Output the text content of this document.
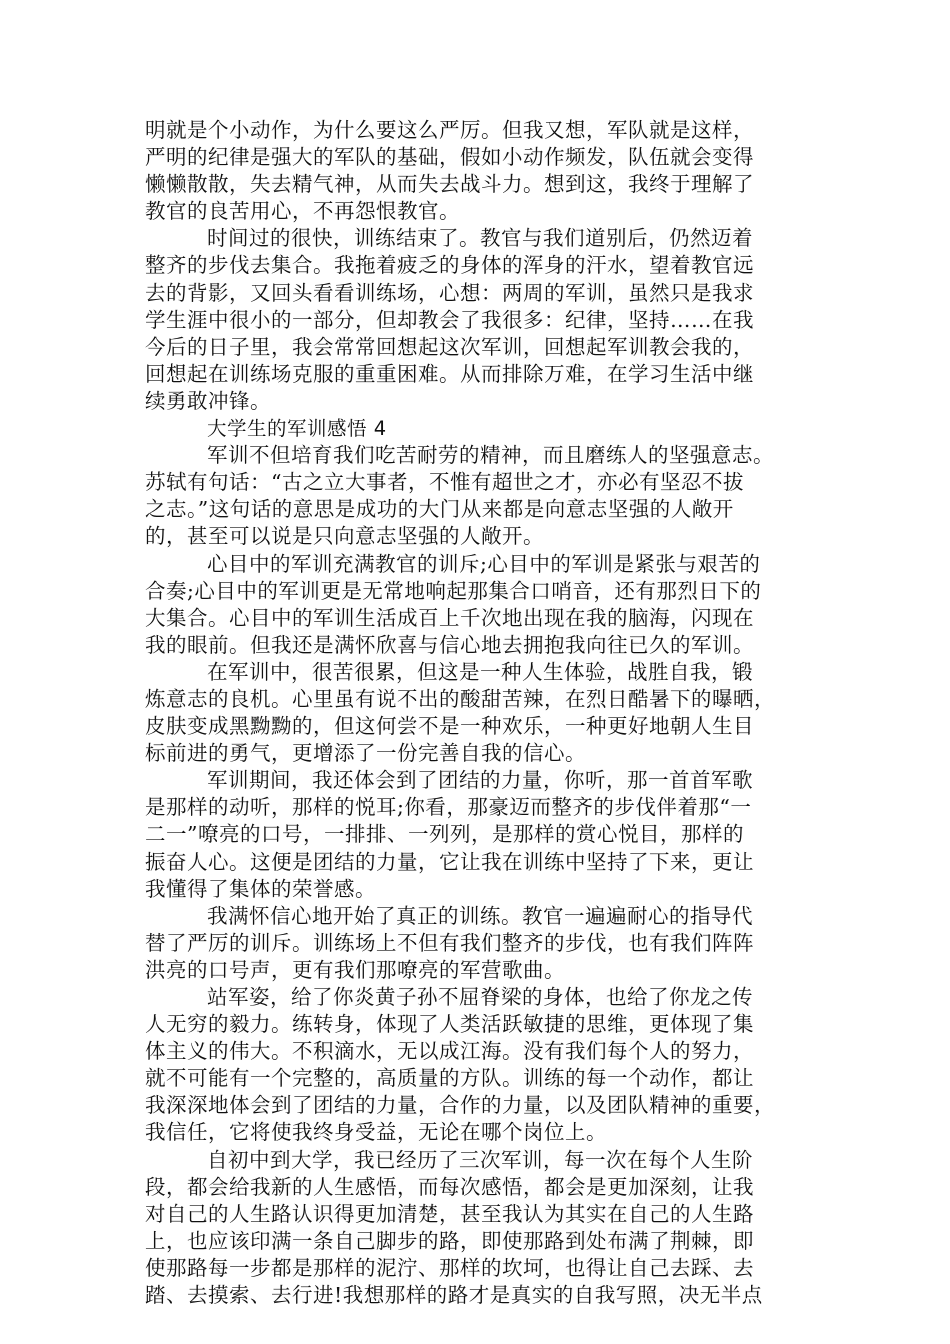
明就是个小动作，为什么要这么严厉。但我又想，军队就是这样，
严明的纪律是强大的军队的基础，假如小动作频发，队伍就会变得
懒懒散散，失去精气神，从而失去战斗力。想到这，我终于理解了
教官的良苦用心，不再怨恨教官。
时间过的很快，训练结束了。教官与我们道别后，仍然迈着
整齐的步伐去集合。我拖着疲乏的身体的浑身的汗水，望着教官远
去的背影，又回头看看训练场，心想：两周的军训，虽然只是我求
学生涯中很小的一部分，但却教会了我很多：纪律，坚持……在我
今后的日子里，我会常常回想起这次军训，回想起军训教会我的，
回想起在训练场克服的重重困难。从而排除万难，在学习生活中继
续勇敢冲锋。
大学生的军训感悟 4
军训不但培育我们吃苦耐劳的精神，而且磨练人的坚强意志。
苏轼有句话：“古之立大事者，不惟有超世之才，亦必有坚忍不拔
之志。”这句话的意思是成功的大门从来都是向意志坚强的人敞开
的，甚至可以说是只向意志坚强的人敞开。
心目中的军训充满教官的训斥;心目中的军训是紧张与艰苦的
合奏;心目中的军训更是无常地响起那集合口哨音，还有那烈日下的
大集合。心目中的军训生活成百上千次地出现在我的脑海，闪现在
我的眼前。但我还是满怀欣喜与信心地去拥抱我向往已久的军训。
在军训中，很苦很累，但这是一种人生体验，战胜自我，锻
炼意志的良机。心里虽有说不出的酸甜苦辣，在烈日酷暑下的曝晒，
皮肤变成黑黝黝的，但这何尝不是一种欢乐，一种更好地朝人生目
标前进的勇气，更增添了一份完善自我的信心。
军训期间，我还体会到了团结的力量，你听，那一首首军歌
是那样的动听，那样的悦耳;你看，那豪迈而整齐的步伐伴着那“一
二一”嘹亮的口号，一排排、一列列，是那样的赏心悦目，那样的
振奋人心。这便是团结的力量，它让我在训练中坚持了下来，更让
我懂得了集体的荣誉感。
我满怀信心地开始了真正的训练。教官一遍遍耐心的指导代
替了严厉的训斥。训练场上不但有我们整齐的步伐，也有我们阵阵
洪亮的口号声，更有我们那嘹亮的军营歌曲。
站军姿，给了你炎黄子孙不屈脊梁的身体，也给了你龙之传
人无穷的毅力。练转身，体现了人类活跃敏捷的思维，更体现了集
体主义的伟大。不积滴水，无以成江海。没有我们每个人的努力，
就不可能有一个完整的，高质量的方队。训练的每一个动作，都让
我深深地体会到了团结的力量，合作的力量，以及团队精神的重要，
我信任，它将使我终身受益，无论在哪个岗位上。
自初中到大学，我已经历了三次军训，每一次在每个人生阶
段，都会给我新的人生感悟，而每次感悟，都会是更加深刻，让我
对自己的人生路认识得更加清楚，甚至我认为其实在自己的人生路
上，也应该印满一条自己脚步的路，即使那路到处布满了荆棘，即
使那路每一步都是那样的泥泞、那样的坎坷，也得让自己去踩、去
踏、去摸索、去行进!我想那样的路才是真实的自我写照，决无半点
